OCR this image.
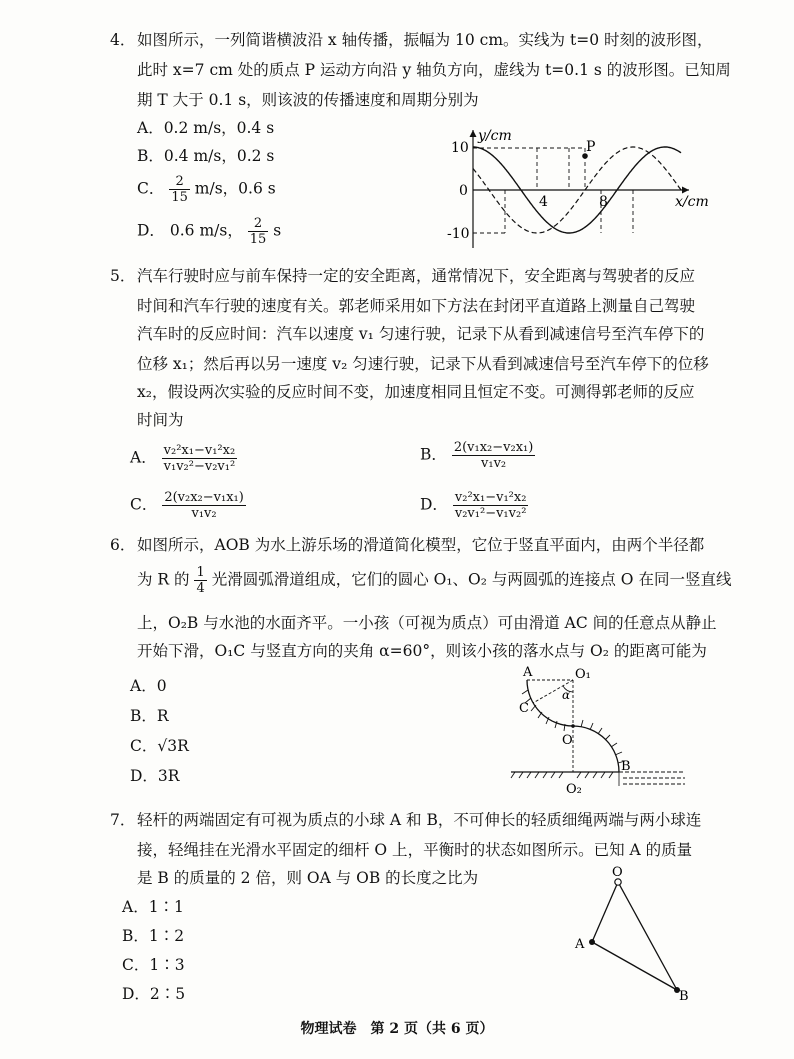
4． 如图所示，一列简谐横波沿 x 轴传播，振幅为 10 cm。实线为 t=0 时刻的波形图，
此时 x=7 cm 处的质点 P 运动方向沿 y 轴负方向，虚线为 t=0.1 s 的波形图。已知周
期 T 大于 0.1 s，则该波的传播速度和周期分别为
A．0.2 m/s，0.4 s
B．0.4 m/s，0.2 s
C． $\frac{2}{15} m/s$，0.6 s
D． 0.6 m/s， $\frac{2}{15}$ s
P
y/cm
x/cm
10
0
-10
4	8
5． 汽车行驶时应与前车保持一定的安全距离，通常情况下，安全距离与驾驶者的反应
时间和汽车行驶的速度有关。郭老师采用如下方法在封闭平直道路上测量自己驾驶
汽车时的反应时间：汽车以速度 v₁ 匀速行驶，记录下从看到减速信号至汽车停下的
位移 x₁；然后再以另一速度 v₂ 匀速行驶，记录下从看到减速信号至汽车停下的位移
x₂，假设两次实验的反应时间不变，加速度相同且恒定不变。可测得郭老师的反应
时间为
A． $\frac{\text{v₂²x₁−v₁²x₂}}{\text{v₁v₂²−v₂v₁²}}$	B． $\frac{\text{2(v₁x₂−v₂x₁)}}{\text{v₁v₂}}$
C． $\frac{\text{2(v₂x₂−v₁x₁)}}{\text{v₁v₂}}$	D． $\frac{\text{v₂²x₁−v₁²x₂}}{\text{v₂v₁²−v₁v₂²}}$
6． 如图所示，AOB 为水上游乐场的滑道简化模型，它位于竖直平面内，由两个半径都
为 R 的 $\frac{1}{4}$ 光滑圆弧滑道组成，它们的圆心 O₁、O₂ 与两圆弧的连接点 O 在同一竖直线
上，O₂B 与水池的水面齐平。一小孩（可视为质点）可由滑道 AC 间的任意点从静止
开始下滑，O₁C 与竖直方向的夹角 α=60°，则该小孩的落水点与 O₂ 的距离可能为
A．0
B．R
C．√3R
D．3R
A	O₁
α
C
O
B
O₂
7． 轻杆的两端固定有可视为质点的小球 A 和 B，不可伸长的轻质细绳两端与两小球连
接，轻绳挂在光滑水平固定的细杆 O 上，平衡时的状态如图所示。已知 A 的质量
是 B 的质量的 2 倍，则 OA 与 OB 的长度之比为
A．1∶1
B．1∶2
C．1∶3
D．2∶5
O
A
B
物理试卷　第 2 页（共 6 页）
